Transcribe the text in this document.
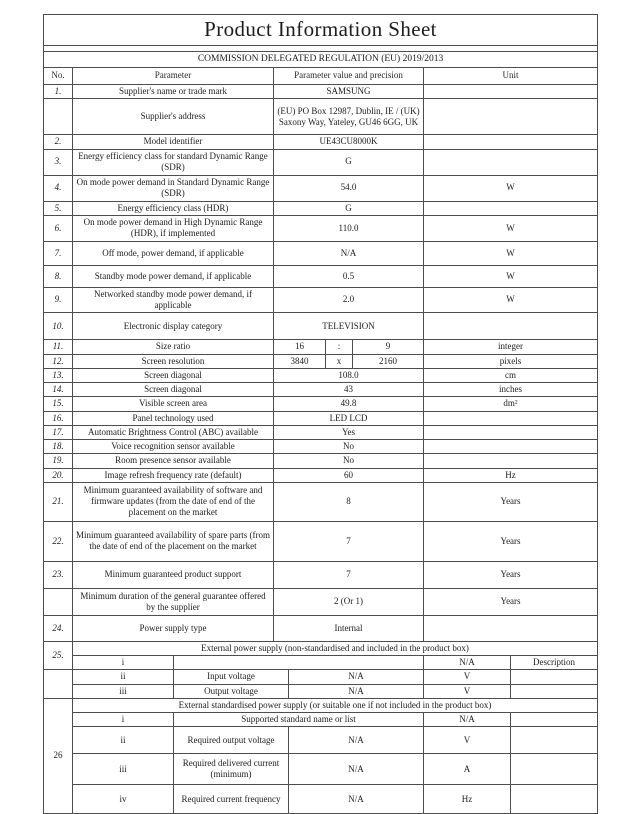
Product Information Sheet								

COMMISSION DELEGATED REGULATION (EU) 2019/2013								
No.	Parameter		Parameter value and precision				Unit	
1.	Supplier's name or trade mark		SAMSUNG					
	Supplier's address		(EU) PO Box 12987, Dublin, IE / (UK) Saxony Way, Yateley, GU46 6GG, UK					
2.	Model identifier		UE43CU8000K					
3.	Energy efficiency class for standard Dynamic Range (SDR)		G					
4.	On mode power demand in Standard Dynamic Range (SDR)		54.0				W	
5.	Energy efficiency class (HDR)		G					
6.	On mode power demand in High Dynamic Range (HDR), if implemented		110.0				W	
7.	Off mode, power demand, if applicable		N/A				W	
8.	Standby mode power demand, if applicable		0.5				W	
9.	Networked standby mode power demand, if applicable		2.0				W	
10.	Electronic display category		TELEVISION					
11.	Size ratio		16		:	9	integer	
12.	Screen resolution		3840		x	2160	pixels	
13.	Screen diagonal		108.0				cm	
14.	Screen diagonal		43				inches	
15.	Visible screen area		49.8				dm²	
16.	Panel technology used		LED LCD					
17.	Automatic Brightness Control (ABC) available		Yes					
18.	Voice recognition sensor available		No					
19.	Room presence sensor available		No					
20.	Image refresh frequency rate (default)		60				Hz	
21.	Minimum guaranteed availability of software and firmware updates (from the date of end of the placement on the market		8				Years	
22.	Minimum guaranteed availability of spare parts (from the date of end of the placement on the market		7				Years	
23.	Minimum guaranteed product support		7				Years	
	Minimum duration of the general guarantee offered by the supplier		2 (Or 1)				Years	
24.	Power supply type		Internal					
25.	External power supply (non-standardised and included in the product box)							
	i						N/A	Description
	ii	Input voltage		N/A			V	
	iii	Output voltage		N/A			V	
26	External standardised power supply (or suitable one if not included in the product box)							
	i	Supported standard name or list					N/A	
	ii	Required output voltage		N/A			V	
	iii	Required delivered current (minimum)		N/A			A	
	iv	Required current frequency		N/A			Hz	
